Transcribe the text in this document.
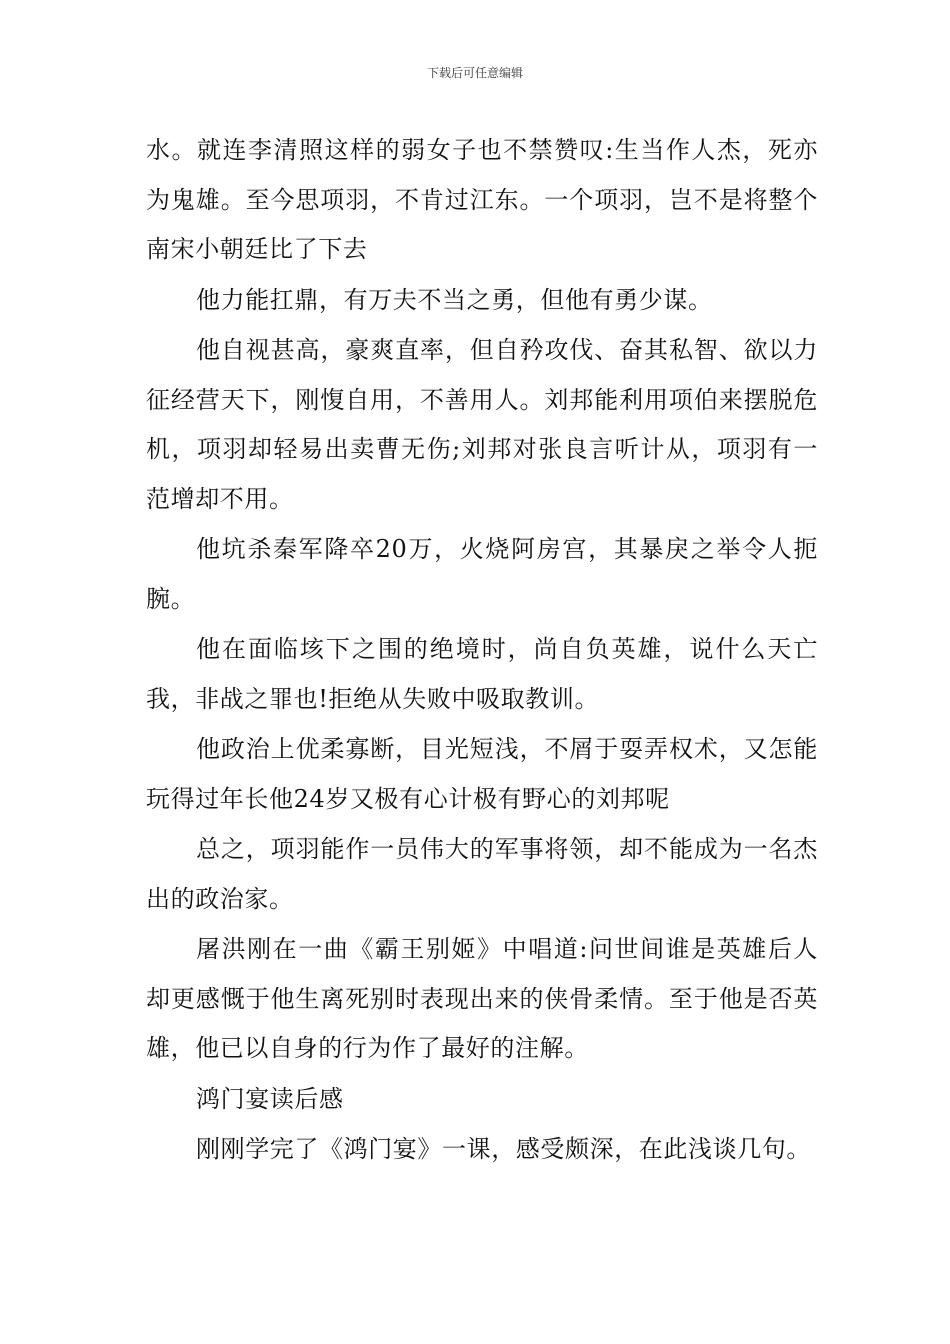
下载后可任意编辑

水。就连李清照这样的弱女子也不禁赞叹:生当作人杰，死亦为鬼雄。至今思项羽，不肯过江东。一个项羽，岂不是将整个南宋小朝廷比了下去

他力能扛鼎，有万夫不当之勇，但他有勇少谋。

他自视甚高，豪爽直率，但自矜攻伐、奋其私智、欲以力征经营天下，刚愎自用，不善用人。刘邦能利用项伯来摆脱危机，项羽却轻易出卖曹无伤;刘邦对张良言听计从，项羽有一范增却不用。

他坑杀秦军降卒20万，火烧阿房宫，其暴戾之举令人扼腕。

他在面临垓下之围的绝境时，尚自负英雄，说什么天亡我，非战之罪也!拒绝从失败中吸取教训。

他政治上优柔寡断，目光短浅，不屑于耍弄权术，又怎能玩得过年长他24岁又极有心计极有野心的刘邦呢

总之，项羽能作一员伟大的军事将领，却不能成为一名杰出的政治家。

屠洪刚在一曲《霸王别姬》中唱道:问世间谁是英雄后人却更感慨于他生离死别时表现出来的侠骨柔情。至于他是否英雄，他已以自身的行为作了最好的注解。

鸿门宴读后感

刚刚学完了《鸿门宴》一课，感受颇深，在此浅谈几句。
